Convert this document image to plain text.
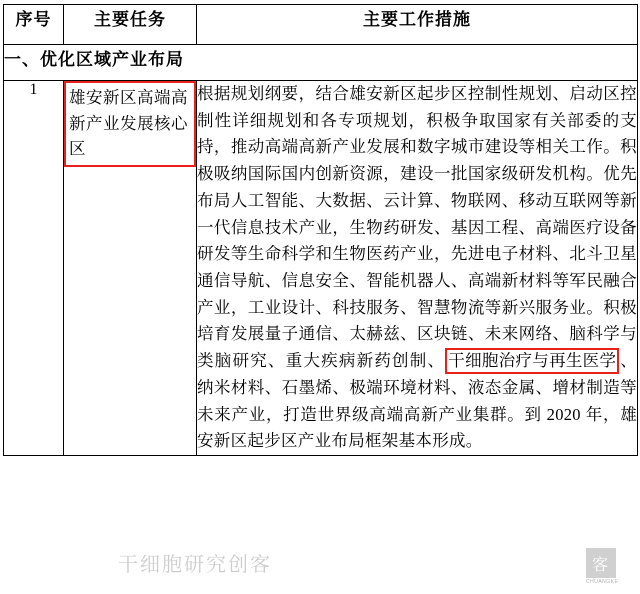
序号	主要任务	主要工作措施
一、优化区域产业布局		
1	雄安新区高端高新产业发展核心区	根据规划纲要，结合雄安新区起步区控制性规划、启动区控制性详细规划和各专项规划，积极争取国家有关部委的支持，推动高端高新产业发展和数字城市建设等相关工作。积极吸纳国际国内创新资源，建设一批国家级研发机构。优先布局人工智能、大数据、云计算、物联网、移动互联网等新一代信息技术产业，生物药研发、基因工程、高端医疗设备研发等生命科学和生物医药产业，先进电子材料、北斗卫星通信导航、信息安全、智能机器人、高端新材料等军民融合产业，工业设计、科技服务、智慧物流等新兴服务业。积极培育发展量子通信、太赫兹、区块链、未来网络、脑科学与类脑研究、重大疾病新药创制、 干细胞治疗与再生医学 、纳米材料、石墨烯、极端环境材料、液态金属、增材制造等未来产业，打造世界级高端高新产业集群。到 2020 年，雄安新区起步区产业布局框架基本形成。
干细胞研究创客	客
CHUANGKE
